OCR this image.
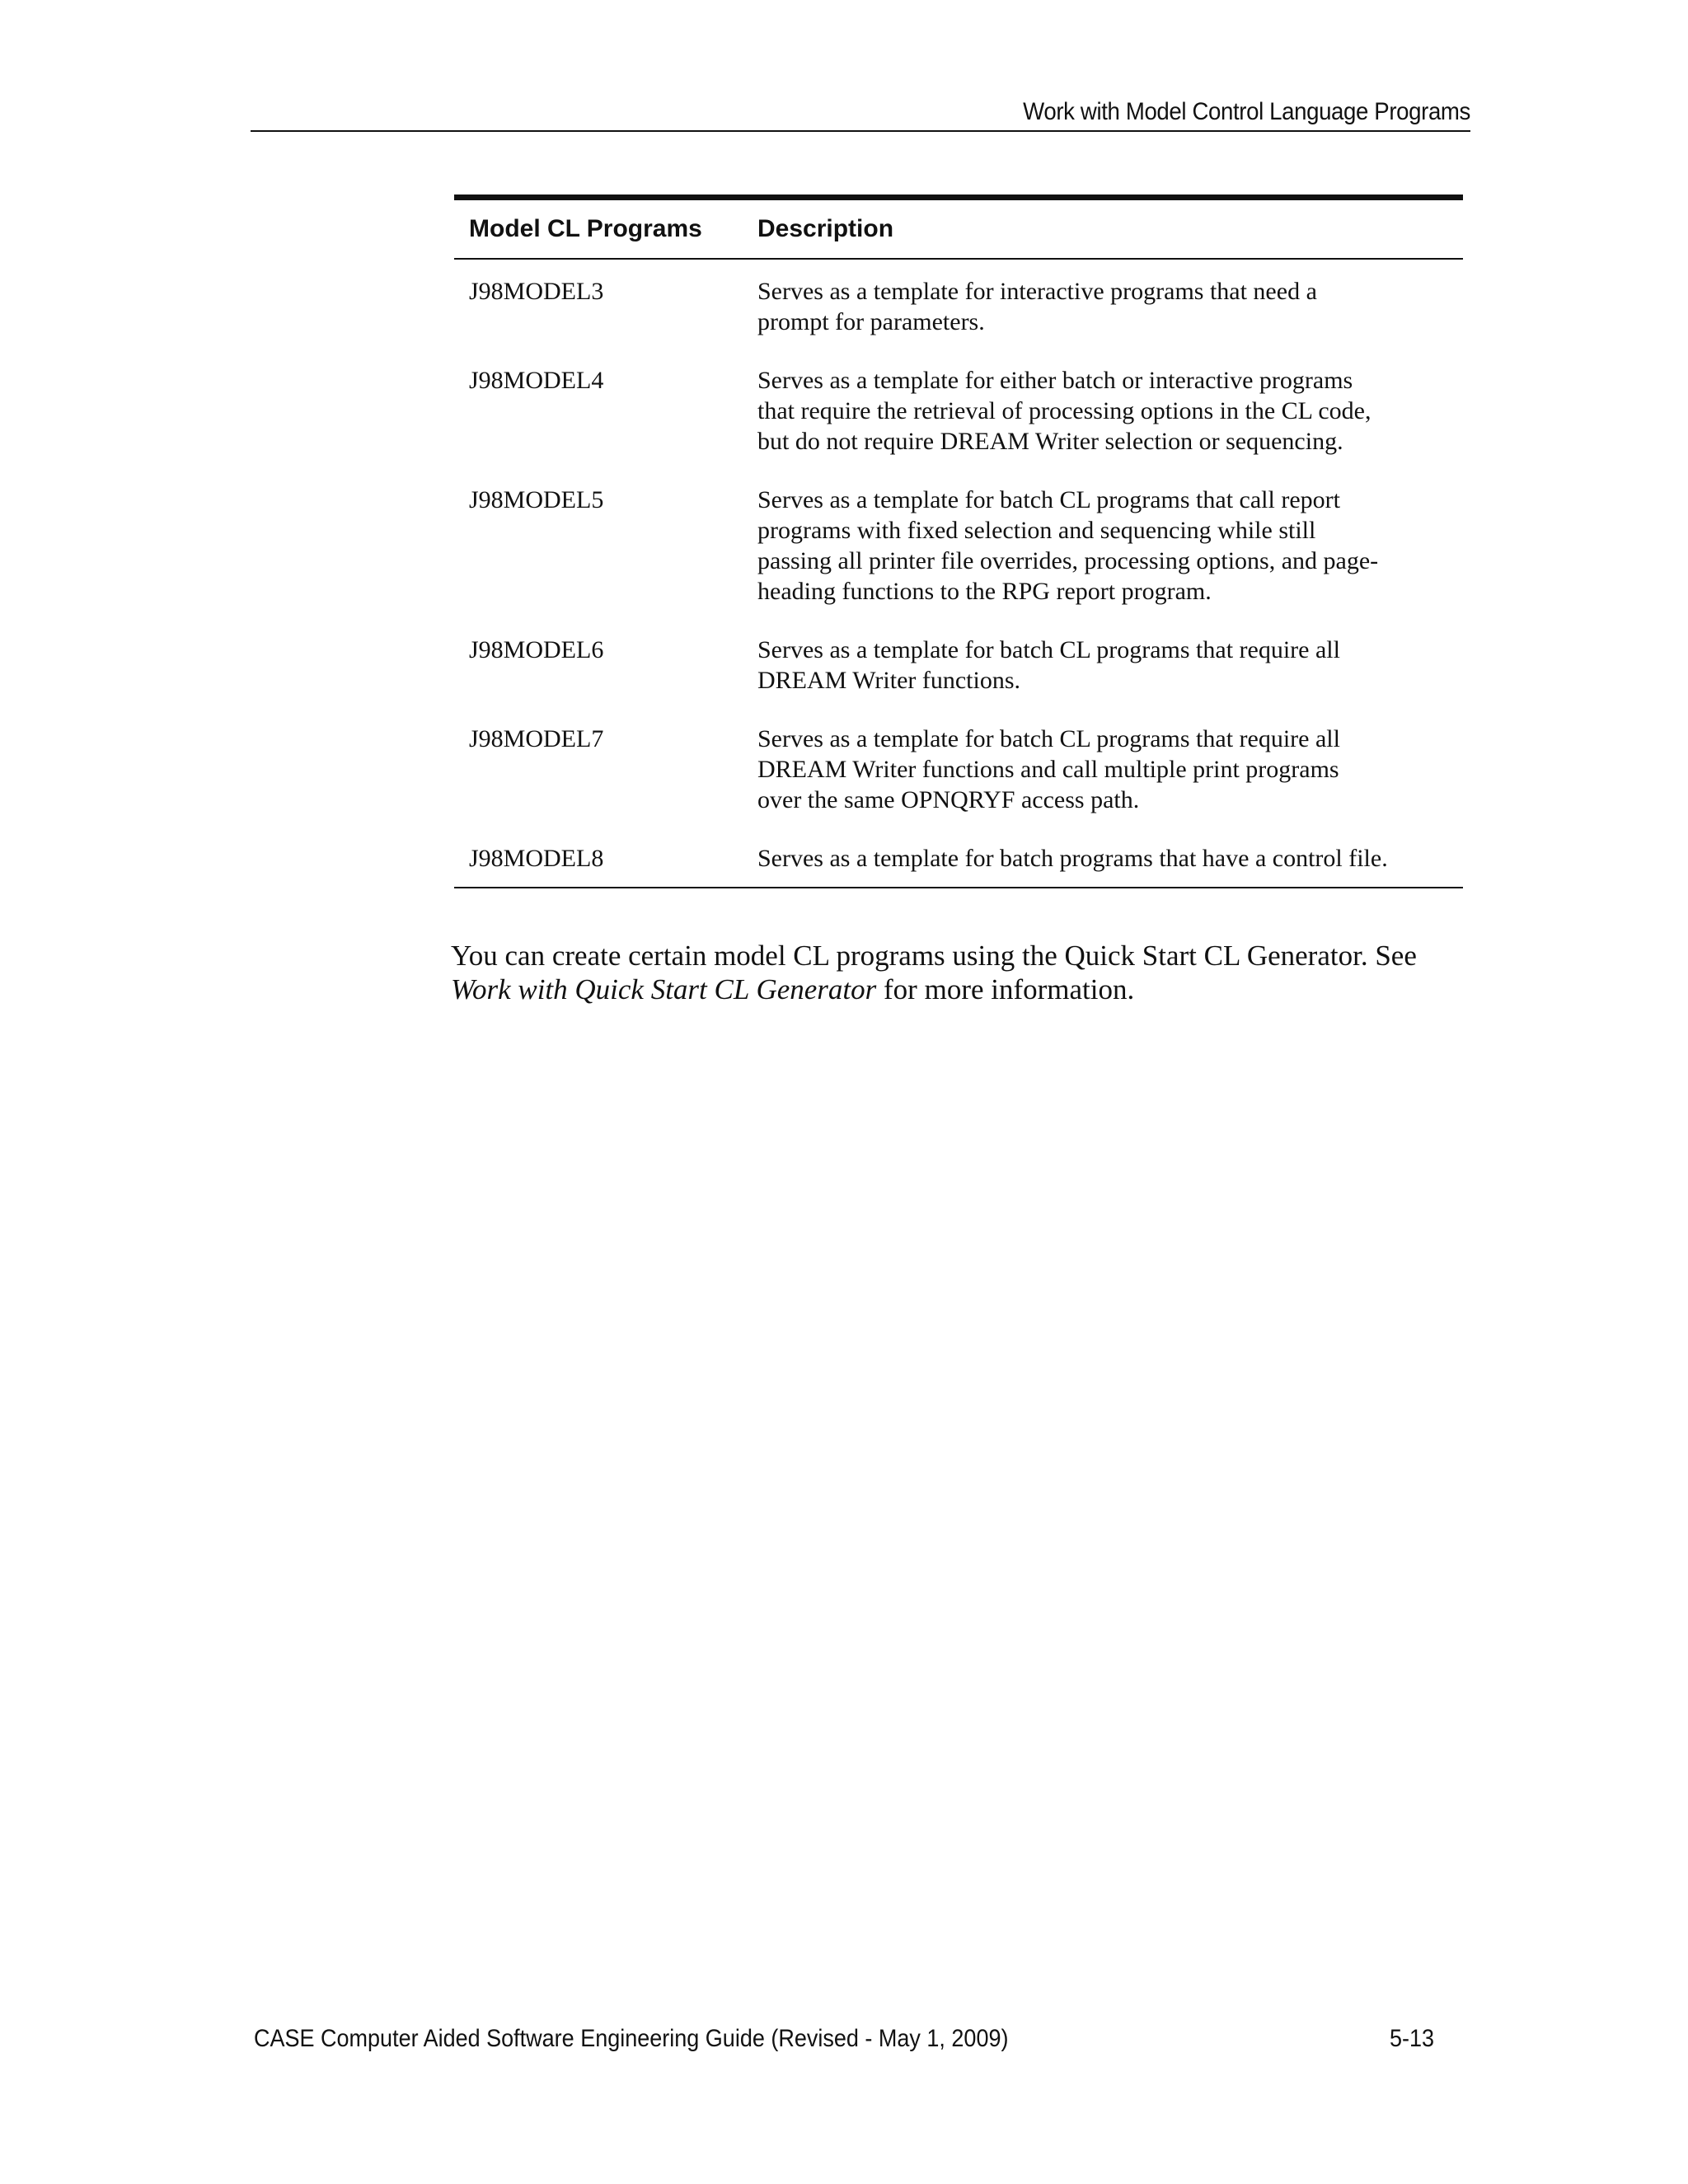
Work with Model Control Language Programs
Model CL Programs	Description
J98MODEL3	Serves as a template for interactive programs that need a
prompt for parameters.
J98MODEL4	Serves as a template for either batch or interactive programs
that require the retrieval of processing options in the CL code,
but do not require DREAM Writer selection or sequencing.
J98MODEL5	Serves as a template for batch CL programs that call report
programs with fixed selection and sequencing while still
passing all printer file overrides, processing options, and page-
heading functions to the RPG report program.
J98MODEL6	Serves as a template for batch CL programs that require all
DREAM Writer functions.
J98MODEL7	Serves as a template for batch CL programs that require all
DREAM Writer functions and call multiple print programs
over the same OPNQRYF access path.
J98MODEL8	Serves as a template for batch programs that have a control file.

You can create certain model CL programs using the Quick Start CL Generator. See
Work with Quick Start CL Generator for more information.

CASE Computer Aided Software Engineering Guide (Revised - May 1, 2009)	5-13
